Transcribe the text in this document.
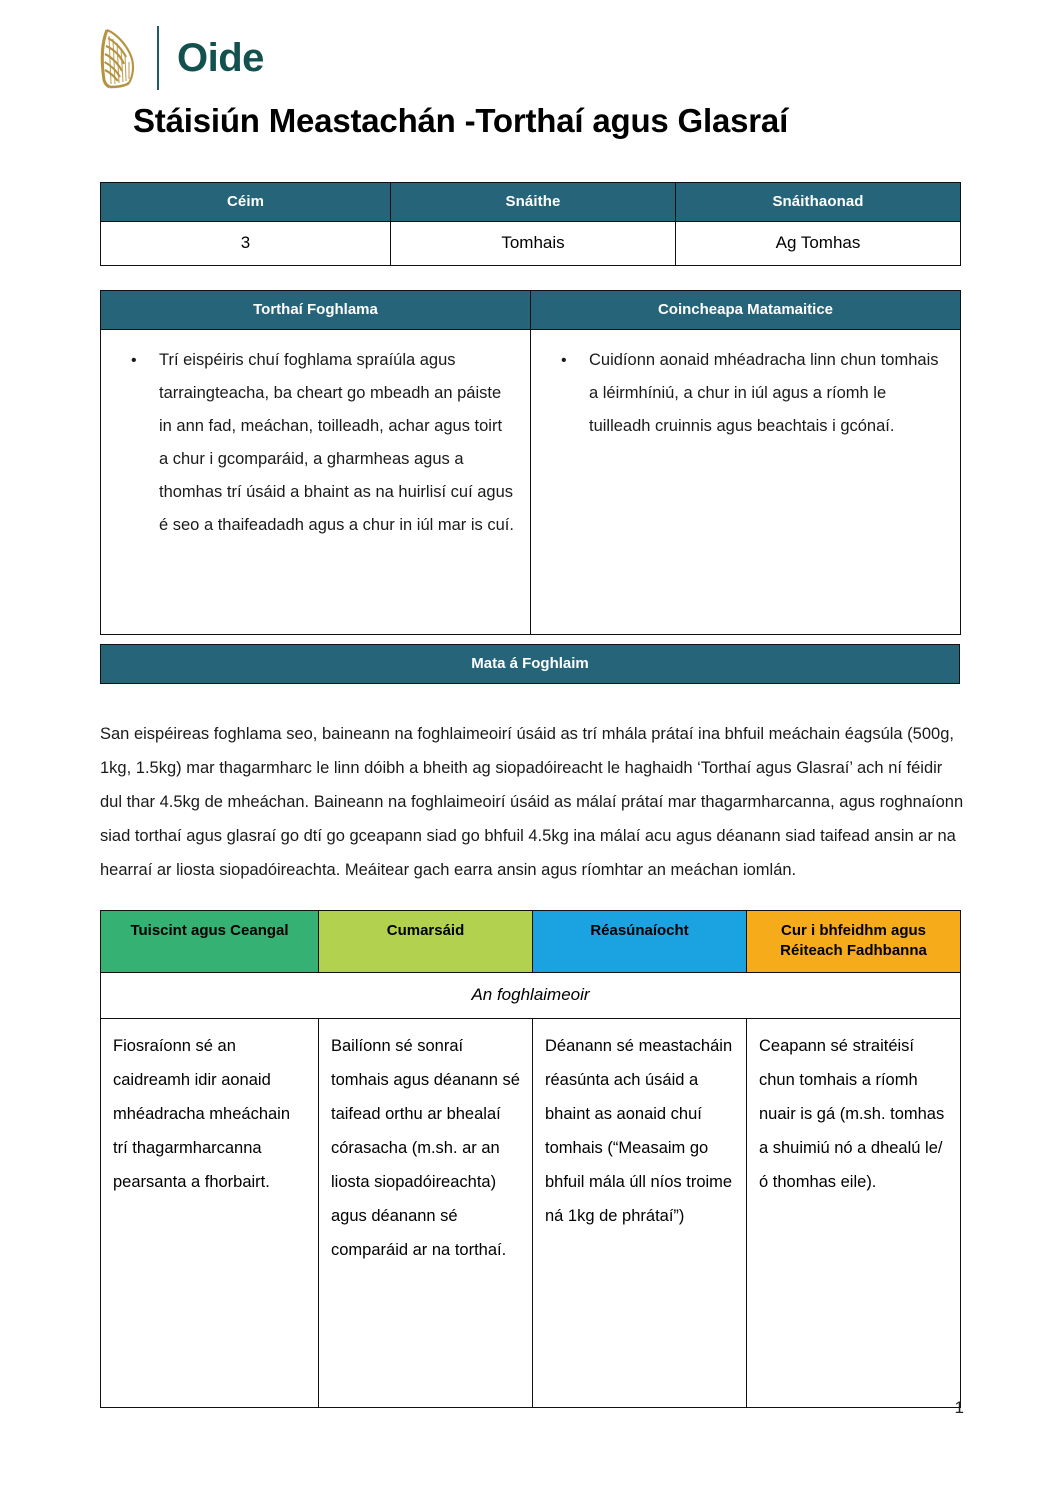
Oide
Stáisiún Meastachán -Torthaí agus Glasraí
Céim	Snáithe	Snáithaonad
3	Tomhais	Ag Tomhas
Torthaí Foghlama	Coincheapa Matamaitice

• Trí eispéiris chuí foghlama spraíúla agus tarraingteacha, ba cheart go mbeadh an páiste in ann fad, meáchan, toilleadh, achar agus toirt a chur i gcomparáid, a gharmheas agus a thomhas trí úsáid a bhaint as na huirlisí cuí agus é seo a thaifeadadh agus a chur in iúl mar is cuí.

• Cuidíonn aonaid mhéadracha linn chun tomhais a léirmhíniú, a chur in iúl agus a ríomh le tuilleadh cruinnis agus beachtais i gcónaí.
Mata á Foghlaim

San eispéireas foghlama seo, baineann na foghlaimeoirí úsáid as trí mhála prátaí ina bhfuil meáchain éagsúla (500g, 1kg, 1.5kg) mar thagarmharc le linn dóibh a bheith ag siopadóireacht le haghaidh ‘Torthaí agus Glasraí’ ach ní féidir dul thar 4.5kg de mheáchan. Baineann na foghlaimeoirí úsáid as málaí prátaí mar thagarmharcanna, agus roghnaíonn siad torthaí agus glasraí go dtí go gceapann siad go bhfuil 4.5kg ina málaí acu agus déanann siad taifead ansin ar na hearraí ar liosta siopadóireachta. Meáitear gach earra ansin agus ríomhtar an meáchan iomlán.

Tuiscint agus Ceangal	Cumarsáid	Réasúnaíocht	Cur i bhfeidhm agus Réiteach Fadhbanna
An foghlaimeoir			
Fiosraíonn sé an caidreamh idir aonaid mhéadracha mheáchain trí thagarmharcanna pearsanta a fhorbairt.	Bailíonn sé sonraí tomhais agus déanann sé taifead orthu ar bhealaí córasacha (m.sh. ar an liosta siopadóireachta) agus déanann sé comparáid ar na torthaí.	Déanann sé meastacháin réasúnta ach úsáid a bhaint as aonaid chuí tomhais (“Measaim go bhfuil mála úll níos troime ná 1kg de phrátaí”)	Ceapann sé straitéisí chun tomhais a ríomh nuair is gá (m.sh. tomhas a shuimiú nó a dhealú le/ó thomhas eile).
1
